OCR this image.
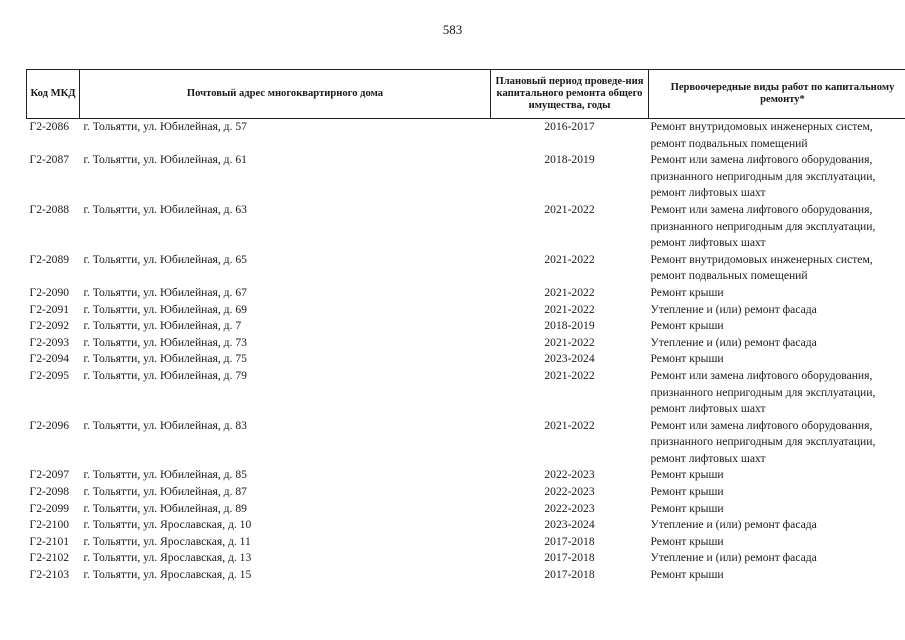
583
Код МКД	Почтовый адрес многоквартирного дома	Плановый период проведе-ния капитального ремонта общего имущества, годы	Первоочередные виды работ по капитальному ремонту*
Г2-2086	г. Тольятти, ул. Юбилейная, д. 57	2016-2017	Ремонт внутридомовых инженерных систем,
ремонт подвальных помещений

Г2-2087	г. Тольятти, ул. Юбилейная, д. 61	2018-2019	Ремонт или замена лифтового оборудования,
признанного непригодным для эксплуатации,
ремонт лифтовых шахт

Г2-2088	г. Тольятти, ул. Юбилейная, д. 63	2021-2022	Ремонт или замена лифтового оборудования,
признанного непригодным для эксплуатации,
ремонт лифтовых шахт

Г2-2089	г. Тольятти, ул. Юбилейная, д. 65	2021-2022	Ремонт внутридомовых инженерных систем,
ремонт подвальных помещений

Г2-2090	г. Тольятти, ул. Юбилейная, д. 67	2021-2022	Ремонт крыши

Г2-2091	г. Тольятти, ул. Юбилейная, д. 69	2021-2022	Утепление и (или) ремонт фасада

Г2-2092	г. Тольятти, ул. Юбилейная, д. 7	2018-2019	Ремонт крыши

Г2-2093	г. Тольятти, ул. Юбилейная, д. 73	2021-2022	Утепление и (или) ремонт фасада

Г2-2094	г. Тольятти, ул. Юбилейная, д. 75	2023-2024	Ремонт крыши

Г2-2095	г. Тольятти, ул. Юбилейная, д. 79	2021-2022	Ремонт или замена лифтового оборудования,
признанного непригодным для эксплуатации,
ремонт лифтовых шахт

Г2-2096	г. Тольятти, ул. Юбилейная, д. 83	2021-2022	Ремонт или замена лифтового оборудования,
признанного непригодным для эксплуатации,
ремонт лифтовых шахт

Г2-2097	г. Тольятти, ул. Юбилейная, д. 85	2022-2023	Ремонт крыши

Г2-2098	г. Тольятти, ул. Юбилейная, д. 87	2022-2023	Ремонт крыши

Г2-2099	г. Тольятти, ул. Юбилейная, д. 89	2022-2023	Ремонт крыши

Г2-2100	г. Тольятти, ул. Ярославская, д. 10	2023-2024	Утепление и (или) ремонт фасада

Г2-2101	г. Тольятти, ул. Ярославская, д. 11	2017-2018	Ремонт крыши

Г2-2102	г. Тольятти, ул. Ярославская, д. 13	2017-2018	Утепление и (или) ремонт фасада

Г2-2103	г. Тольятти, ул. Ярославская, д. 15	2017-2018	Ремонт крыши
